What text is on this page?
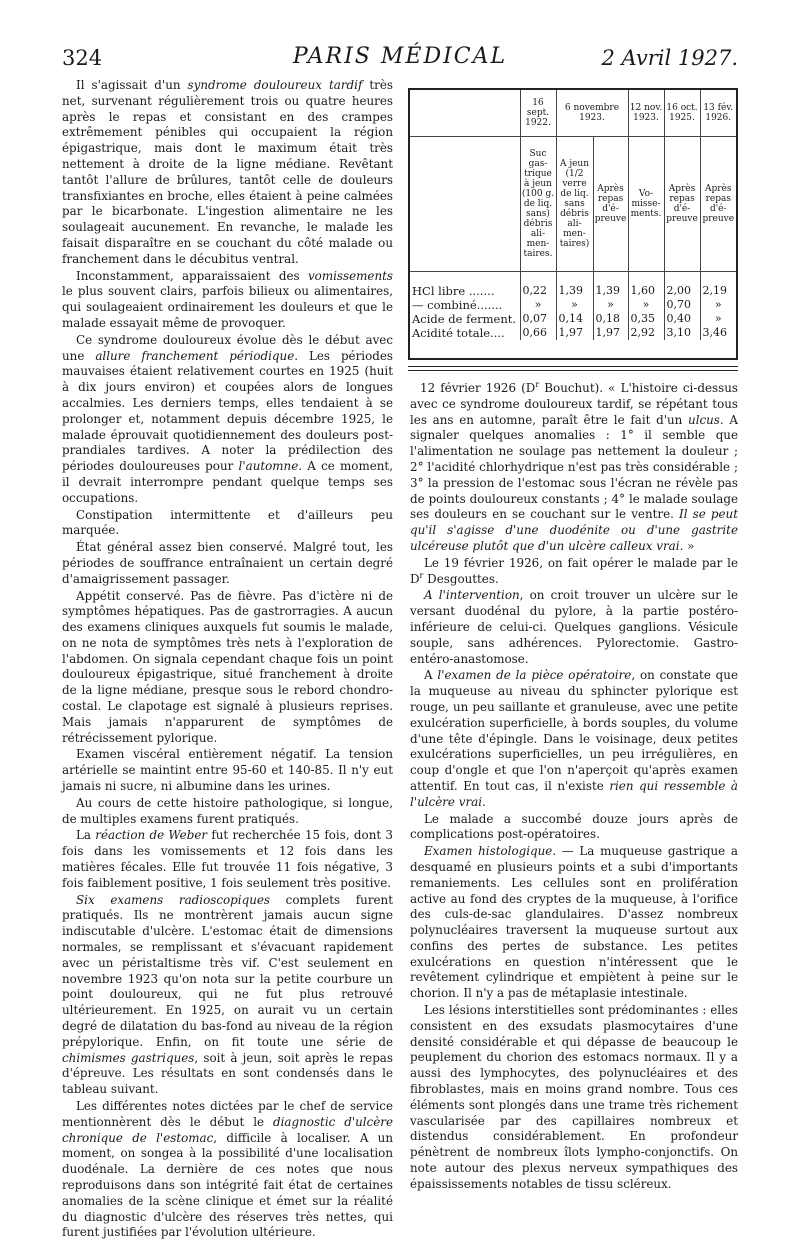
324	PARIS MÉDICAL	2 Avril 1927.

Il s'agissait d'un syndrome douloureux tardif très net, survenant régulièrement trois ou quatre heures après le repas et consistant en des crampes extrêmement pénibles qui occupaient la région épigastrique, mais dont le maximum était très nettement à droite de la ligne médiane. Revêtant tantôt l'allure de brûlures, tantôt celle de douleurs transfixiantes en broche, elles étaient à peine calmées par le bicarbonate. L'ingestion alimentaire ne les soulageait aucunement. En revanche, le malade les faisait disparaître en se couchant du côté malade ou franchement dans le décubitus ventral.

Inconstamment, apparaissaient des vomissements le plus souvent clairs, parfois bilieux ou alimentaires, qui soulageaient ordinairement les douleurs et que le malade essayait même de provoquer.

Ce syndrome douloureux évolue dès le début avec une allure franchement périodique. Les périodes mauvaises étaient relativement courtes en 1925 (huit à dix jours environ) et coupées alors de longues accalmies. Les derniers temps, elles tendaient à se prolonger et, notamment depuis décembre 1925, le malade éprouvait quotidiennement des douleurs post-prandiales tardives. A noter la prédilection des périodes douloureuses pour l'automne. A ce moment, il devrait interrompre pendant quelque temps ses occupations.

Constipation intermittente et d'ailleurs peu marquée.

État général assez bien conservé. Malgré tout, les périodes de souffrance entraînaient un certain degré d'amaigrissement passager.

Appétit conservé. Pas de fièvre. Pas d'ictère ni de symptômes hépatiques. Pas de gastrorragies. A aucun des examens cliniques auxquels fut soumis le malade, on ne nota de symptômes très nets à l'exploration de l'abdomen. On signala cependant chaque fois un point douloureux épigastrique, situé franchement à droite de la ligne médiane, presque sous le rebord chondro-costal. Le clapotage est signalé à plusieurs reprises. Mais jamais n'apparurent de symptômes de rétrécissement pylorique.

Examen viscéral entièrement négatif. La tension artérielle se maintint entre 95-60 et 140-85. Il n'y eut jamais ni sucre, ni albumine dans les urines.

Au cours de cette histoire pathologique, si longue, de multiples examens furent pratiqués.

La réaction de Weber fut recherchée 15 fois, dont 3 fois dans les vomissements et 12 fois dans les matières fécales. Elle fut trouvée 11 fois négative, 3 fois faiblement positive, 1 fois seulement très positive.

Six examens radioscopiques complets furent pratiqués. Ils ne montrèrent jamais aucun signe indiscutable d'ulcère. L'estomac était de dimensions normales, se remplissant et s'évacuant rapidement avec un péristaltisme très vif. C'est seulement en novembre 1923 qu'on nota sur la petite courbure un point douloureux, qui ne fut plus retrouvé ultérieurement. En 1925, on aurait vu un certain degré de dilatation du bas-fond au niveau de la région prépylorique. Enfin, on fit toute une série de chimismes gastriques, soit à jeun, soit après le repas d'épreuve. Les résultats en sont condensés dans le tableau suivant.

Les différentes notes dictées par le chef de service mentionnèrent dès le début le diagnostic d'ulcère chronique de l'estomac, difficile à localiser. A un moment, on songea à la possibilité d'une localisation duodénale. La dernière de ces notes que nous reproduisons dans son intégrité fait état de certaines anomalies de la scène clinique et émet sur la réalité du diagnostic d'ulcère des réserves très nettes, qui furent justifiées par l'évolution ultérieure.

	16 sept. 1922.	6 novembre 1923.		12 nov. 1923.	16 oct. 1925.	13 fév. 1926.
	Suc gas-trique à jeun (100 g. de liq. sans) débris ali-men-taires.	A jeun (1/2 verre de liq. sans débris ali-men-taires)	Après repas d'é-preuve	Vo-misse-ments.	Après repas d'é-preuve	Après repas d'é-preuve

HCl libre .......	0,22	1,39	1,39	1,60	2,00	2,19
— combiné.......	»	»	»	»	0,70	»
Acide de ferment.	0,07	0,14	0,18	0,35	0,40	»
Acidité totale....	0,66	1,97	1,97	2,92	3,10	3,46

12 février 1926 ($D^r$ Bouchut). « L'histoire ci-dessus avec ce syndrome douloureux tardif, se répétant tous les ans en automne, paraît être le fait d'un ulcus. A signaler quelques anomalies : 1° il semble que l'alimentation ne soulage pas nettement la douleur ; 2° l'acidité chlorhydrique n'est pas très considérable ; 3° la pression de l'estomac sous l'écran ne révèle pas de points douloureux constants ; 4° le malade soulage ses douleurs en se couchant sur le ventre. Il se peut qu'il s'agisse d'une duodénite ou d'une gastrite ulcéreuse plutôt que d'un ulcère calleux vrai. »

Le 19 février 1926, on fait opérer le malade par le $D^r$ Desgouttes.

A l'intervention, on croit trouver un ulcère sur le versant duodénal du pylore, à la partie postéro-inférieure de celui-ci. Quelques ganglions. Vésicule souple, sans adhérences. Pylorectomie. Gastro-entéro-anastomose.

A l'examen de la pièce opératoire, on constate que la muqueuse au niveau du sphincter pylorique est rouge, un peu saillante et granuleuse, avec une petite exulcération superficielle, à bords souples, du volume d'une tête d'épingle. Dans le voisinage, deux petites exulcérations superficielles, un peu irrégulières, en coup d'ongle et que l'on n'aperçoit qu'après examen attentif. En tout cas, il n'existe rien qui ressemble à l'ulcère vrai.

Le malade a succombé douze jours après de complications post-opératoires.

Examen histologique. — La muqueuse gastrique a desquamé en plusieurs points et a subi d'importants remaniements. Les cellules sont en prolifération active au fond des cryptes de la muqueuse, à l'orifice des culs-de-sac glandulaires. D'assez nombreux polynucléaires traversent la muqueuse surtout aux confins des pertes de substance. Les petites exulcérations en question n'intéressent que le revêtement cylindrique et empiètent à peine sur le chorion. Il n'y a pas de métaplasie intestinale.

Les lésions interstitielles sont prédominantes : elles consistent en des exsudats plasmocytaires d'une densité considérable et qui dépasse de beaucoup le peuplement du chorion des estomacs normaux. Il y a aussi des lymphocytes, des polynucléaires et des fibroblastes, mais en moins grand nombre. Tous ces éléments sont plongés dans une trame très richement vascularisée par des capillaires nombreux et distendus considérablement. En profondeur pénètrent de nombreux îlots lympho-conjonctifs. On note autour des plexus nerveux sympathiques des épaississements notables de tissu scléreux.
